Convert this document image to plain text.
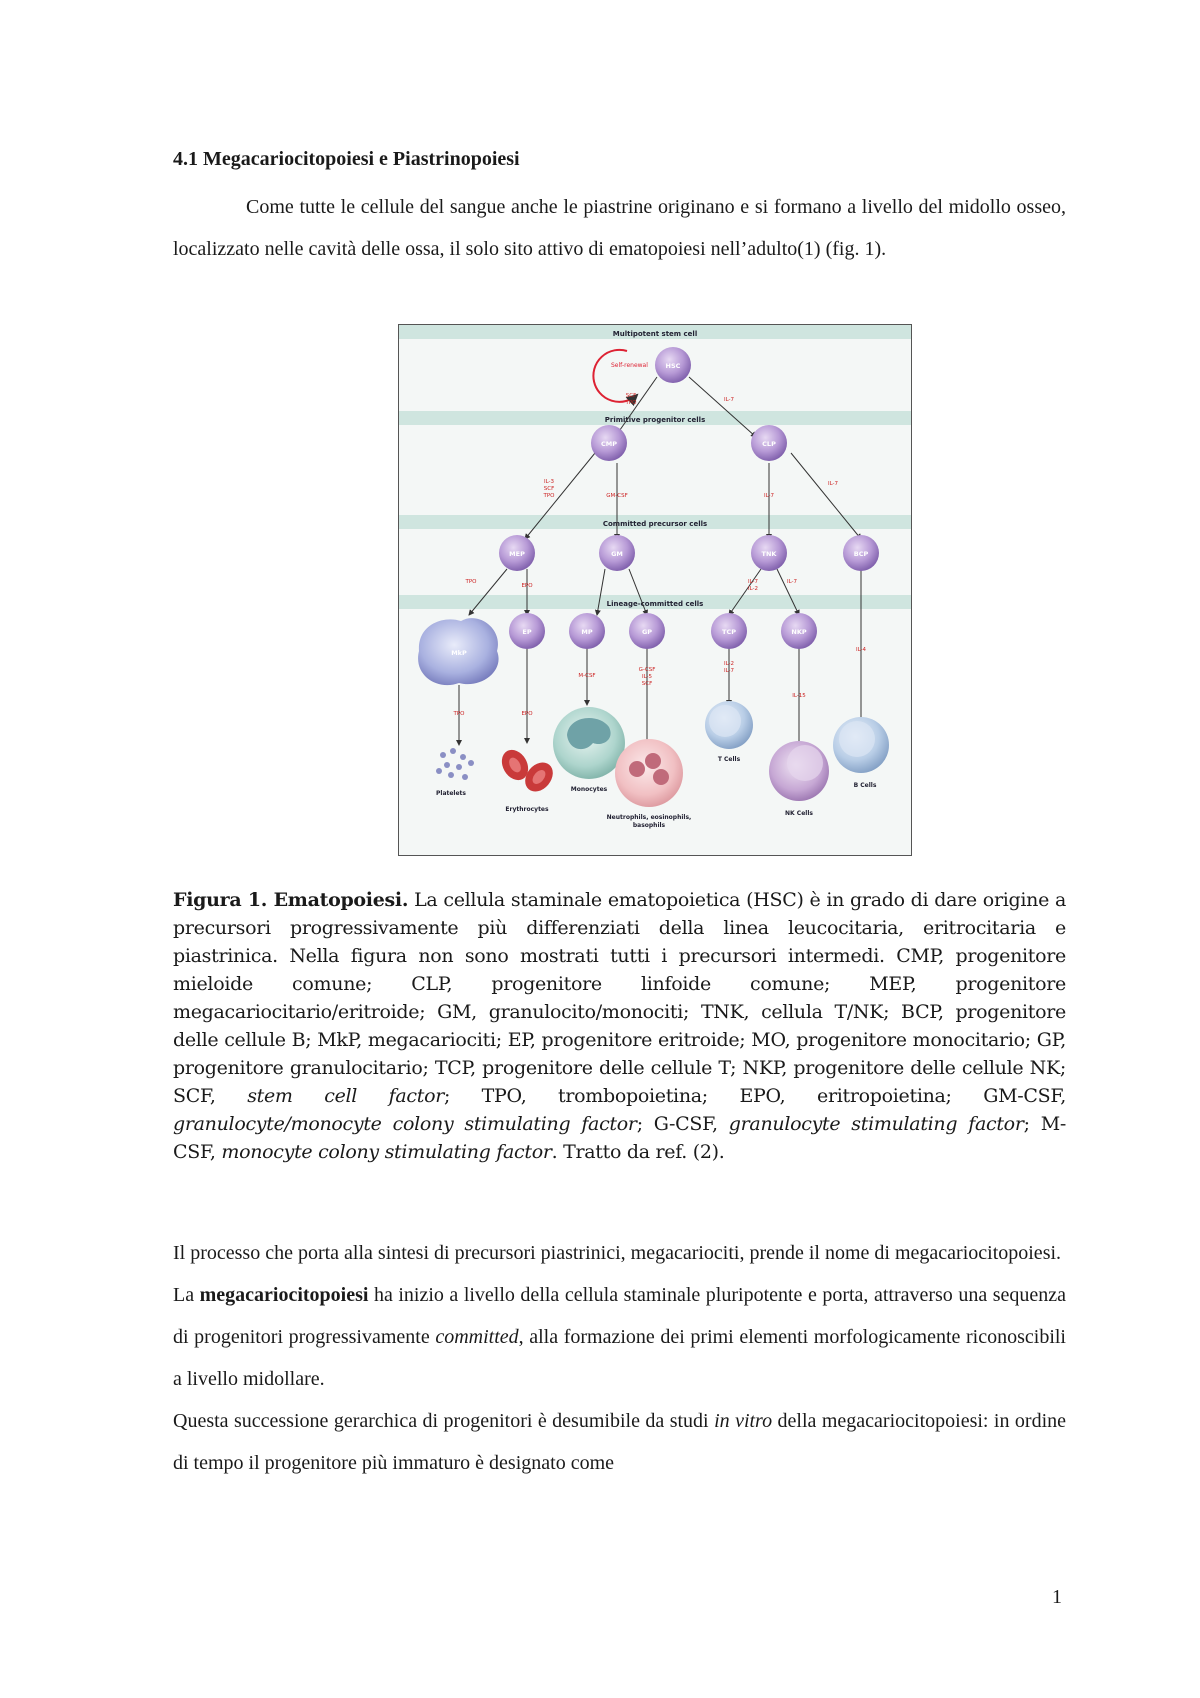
4.1 Megacariocitopoiesi e Piastrinopoiesi
Come tutte le cellule del sangue anche le piastrine originano e si formano a livello del midollo osseo, localizzato nelle cavità delle ossa, il solo sito attivo di ematopoiesi nell’adulto(1) (fig. 1).
Multipotent stem cell
Primitive progenitor cells
Committed precursor cells
Lineage-committed cells
Self-renewal
SCF
TPO	IL-7
IL-3
SCF
TPO	GM-CSF	IL-7
IL-7
TPO
EPO
IL-7
IL-2
IL-7
IL-4
TPO	EPO
M-CSF
G-CSF
IL-5
SCF
IL-2
IL-7
IL-15
HSC
CMP	CLP
MEP	GM	TNK	BCP
MkP
EP	MP	GP	TCP	NKP
Platelets
Erythrocytes
Monocytes
Neutrophils, eosinophils,
basophils
T Cells
NK Cells
B Cells
Figura 1. Ematopoiesi. La cellula staminale ematopoietica (HSC) è in grado di dare origine a precursori progressivamente più differenziati della linea leucocitaria, eritrocitaria e piastrinica. Nella figura non sono mostrati tutti i precursori intermedi. CMP, progenitore mieloide comune; CLP, progenitore linfoide comune; MEP, progenitore megacariocitario/eritroide; GM, granulocito/monociti; TNK, cellula T/NK; BCP, progenitore delle cellule B; MkP, megacariociti; EP, progenitore eritroide; MO, progenitore monocitario; GP, progenitore granulocitario; TCP, progenitore delle cellule T; NKP, progenitore delle cellule NK; SCF, stem cell factor; TPO, trombopoietina; EPO, eritropoietina; GM-CSF, granulocyte/monocyte colony stimulating factor; G-CSF, granulocyte stimulating factor; M-CSF, monocyte colony stimulating factor. Tratto da ref. (2).

Il processo che porta alla sintesi di precursori piastrinici, megacariociti, prende il nome di megacariocitopoiesi.

La megacariocitopoiesi ha inizio a livello della cellula staminale pluripotente e porta, attraverso una sequenza di progenitori progressivamente committed, alla formazione dei primi elementi morfologicamente riconoscibili a livello midollare.

Questa successione gerarchica di progenitori è desumibile da studi in vitro della megacariocitopoiesi: in ordine di tempo il progenitore più immaturo è designato come

1
